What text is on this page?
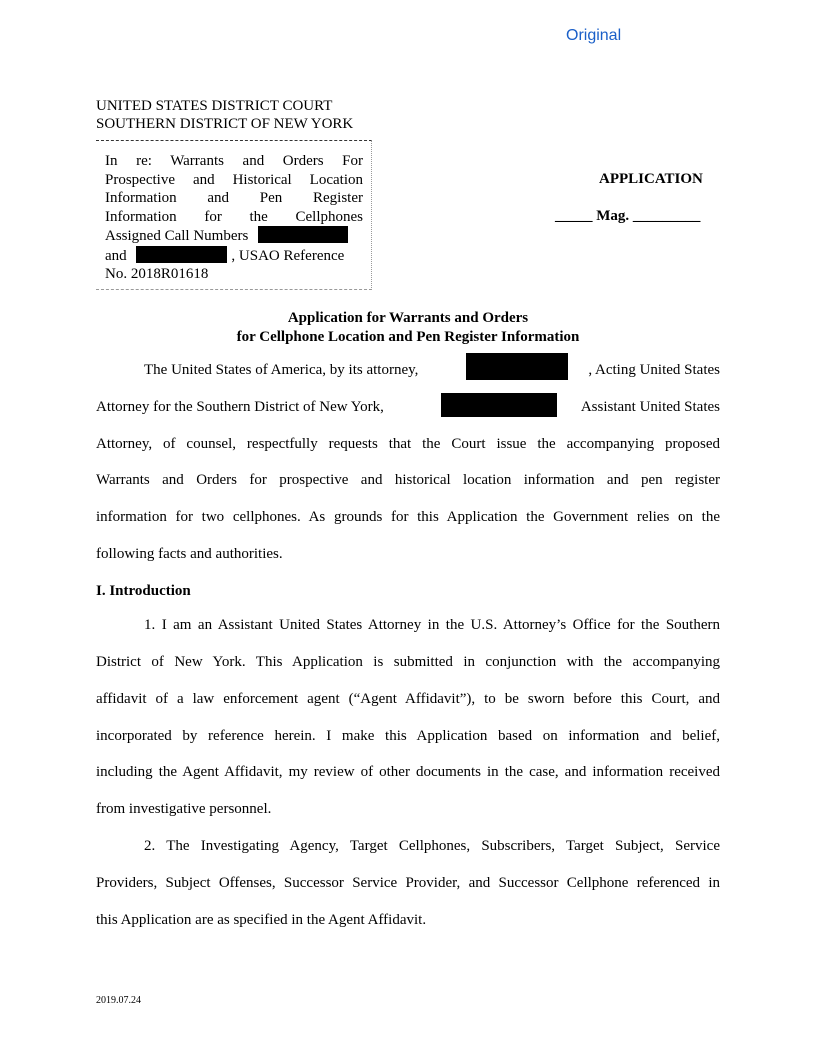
Original
UNITED STATES DISTRICT COURT
SOUTHERN DISTRICT OF NEW YORK
In re: Warrants and Orders For
Prospective and Historical Location
Information and Pen Register
Information for the Cellphones
Assigned Call Numbers
and	, USAO Reference
No. 2018R01618
APPLICATION
_____ Mag. _________
Application for Warrants and Orders
for Cellphone Location and Pen Register Information
The United States of America, by its attorney,	, Acting United States
Attorney for the Southern District of New York,	Assistant United States
Attorney, of counsel, respectfully requests that the Court issue the accompanying proposed
Warrants and Orders for prospective and historical location information and pen register
information for two cellphones. As grounds for this Application the Government relies on the
following facts and authorities.
I. Introduction
1. I am an Assistant United States Attorney in the U.S. Attorney’s Office for the Southern
District of New York. This Application is submitted in conjunction with the accompanying
affidavit of a law enforcement agent (“Agent Affidavit”), to be sworn before this Court, and
incorporated by reference herein. I make this Application based on information and belief,
including the Agent Affidavit, my review of other documents in the case, and information received
from investigative personnel.
2. The Investigating Agency, Target Cellphones, Subscribers, Target Subject, Service
Providers, Subject Offenses, Successor Service Provider, and Successor Cellphone referenced in
this Application are as specified in the Agent Affidavit.
2019.07.24
